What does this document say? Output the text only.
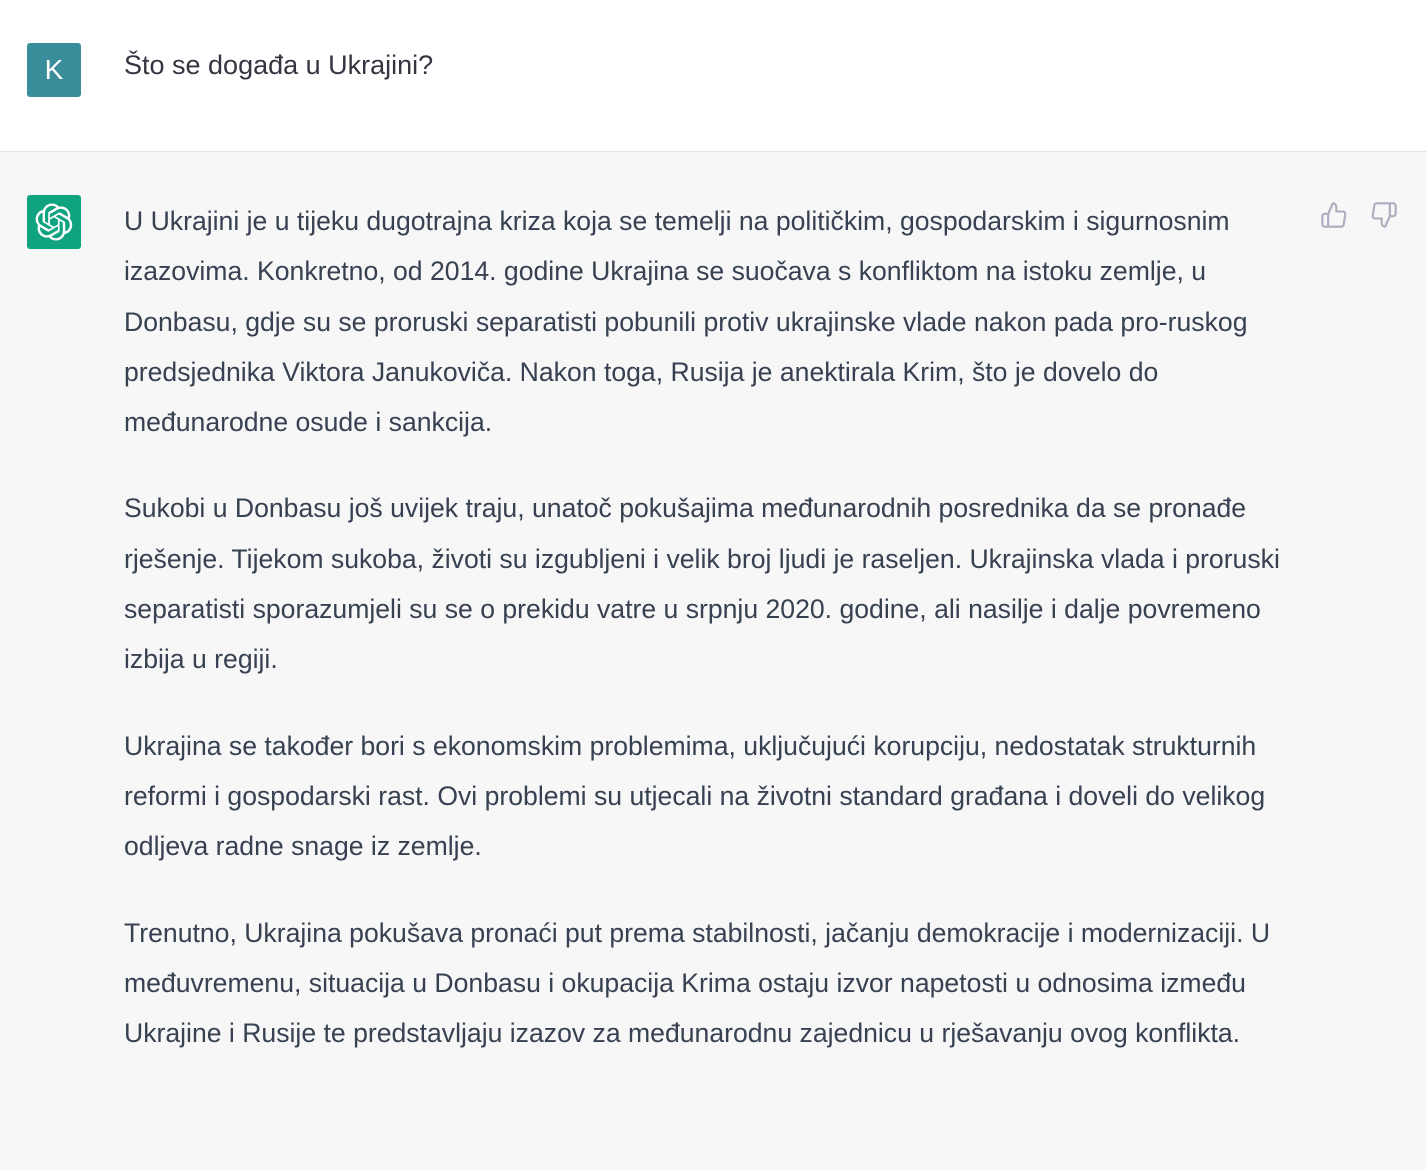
K	Što se događa u Ukrajini?

U Ukrajini je u tijeku dugotrajna kriza koja se temelji na političkim, gospodarskim i sigurnosnim izazovima. Konkretno, od 2014. godine Ukrajina se suočava s konfliktom na istoku zemlje, u Donbasu, gdje su se proruski separatisti pobunili protiv ukrajinske vlade nakon pada pro-ruskog predsjednika Viktora Janukoviča. Nakon toga, Rusija je anektirala Krim, što je dovelo do međunarodne osude i sankcija.

Sukobi u Donbasu još uvijek traju, unatoč pokušajima međunarodnih posrednika da se pronađe rješenje. Tijekom sukoba, životi su izgubljeni i velik broj ljudi je raseljen. Ukrajinska vlada i proruski separatisti sporazumjeli su se o prekidu vatre u srpnju 2020. godine, ali nasilje i dalje povremeno izbija u regiji.

Ukrajina se također bori s ekonomskim problemima, uključujući korupciju, nedostatak strukturnih reformi i gospodarski rast. Ovi problemi su utjecali na životni standard građana i doveli do velikog odljeva radne snage iz zemlje.

Trenutno, Ukrajina pokušava pronaći put prema stabilnosti, jačanju demokracije i modernizaciji. U međuvremenu, situacija u Donbasu i okupacija Krima ostaju izvor napetosti u odnosima između Ukrajine i Rusije te predstavljaju izazov za međunarodnu zajednicu u rješavanju ovog konflikta.
